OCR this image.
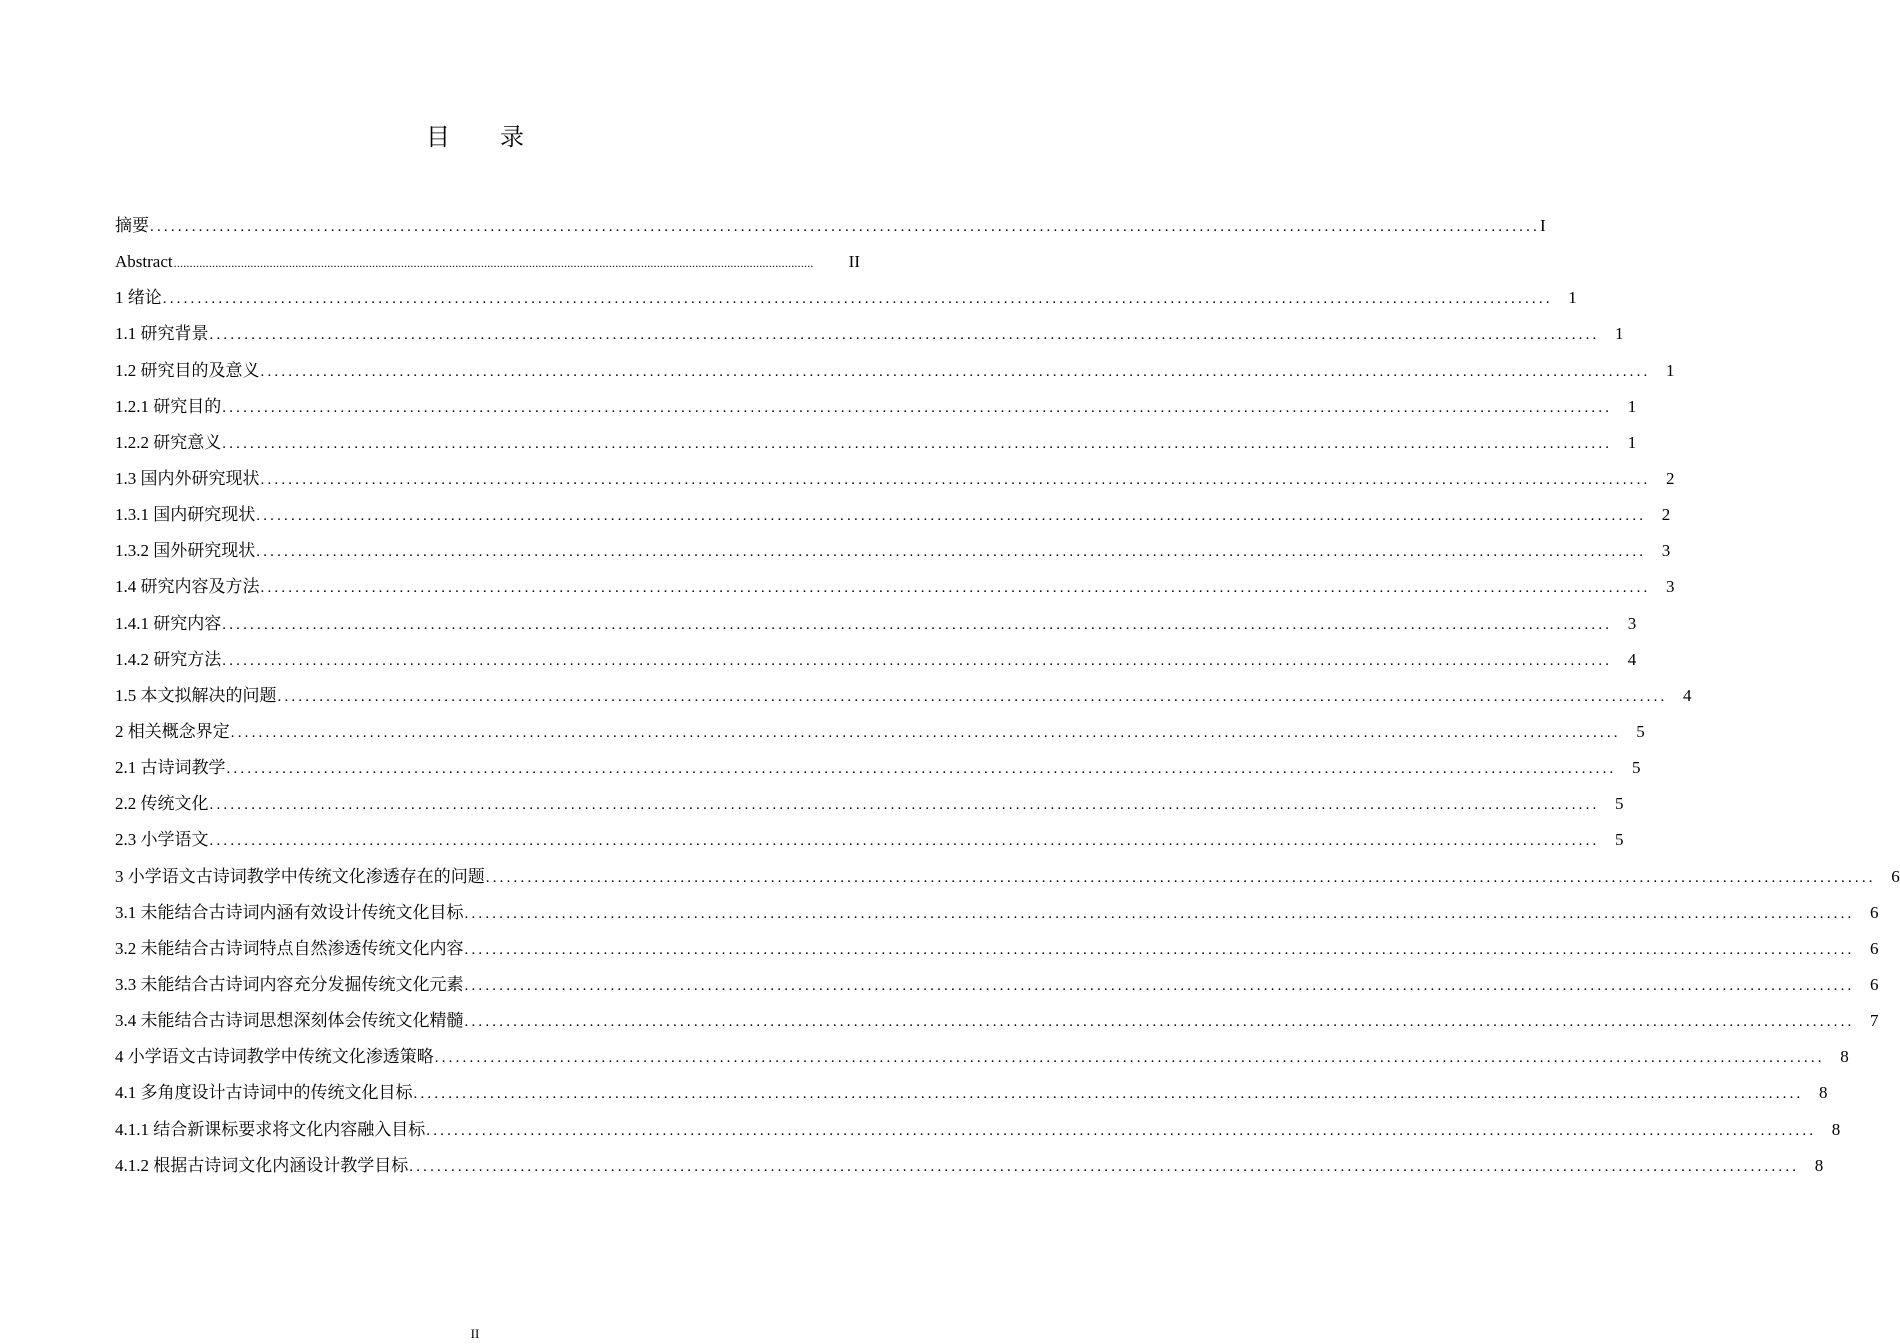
目 录
摘要 ........................................................................................................................................................................................................ I
Abstract ........................................................................................................................................................................................................	II
1 绪论 ........................................................................................................................................................................................................ 1
1.1 研究背景 ........................................................................................................................................................................................................ 1
1.2 研究目的及意义 ........................................................................................................................................................................................................ 1
1.2.1 研究目的 ........................................................................................................................................................................................................ 1
1.2.2 研究意义 ........................................................................................................................................................................................................ 1
1.3 国内外研究现状 ........................................................................................................................................................................................................ 2
1.3.1 国内研究现状 ........................................................................................................................................................................................................ 2
1.3.2 国外研究现状 ........................................................................................................................................................................................................ 3
1.4 研究内容及方法 ........................................................................................................................................................................................................ 3
1.4.1 研究内容 ........................................................................................................................................................................................................ 3
1.4.2 研究方法 ........................................................................................................................................................................................................ 4
1.5 本文拟解决的问题 ........................................................................................................................................................................................................ 4
2 相关概念界定 ........................................................................................................................................................................................................ 5
2.1 古诗词教学 ........................................................................................................................................................................................................ 5
2.2 传统文化 ........................................................................................................................................................................................................ 5
2.3 小学语文 ........................................................................................................................................................................................................ 5
3 小学语文古诗词教学中传统文化渗透存在的问题 ........................................................................................................................................................................................................ 6
3.1 未能结合古诗词内涵有效设计传统文化目标 ........................................................................................................................................................................................................ 6
3.2 未能结合古诗词特点自然渗透传统文化内容 ........................................................................................................................................................................................................ 6
3.3 未能结合古诗词内容充分发掘传统文化元素 ........................................................................................................................................................................................................ 6
3.4 未能结合古诗词思想深刻体会传统文化精髓 ........................................................................................................................................................................................................ 7
4 小学语文古诗词教学中传统文化渗透策略 ........................................................................................................................................................................................................ 8
4.1 多角度设计古诗词中的传统文化目标 ........................................................................................................................................................................................................ 8
4.1.1 结合新课标要求将文化内容融入目标 ........................................................................................................................................................................................................ 8
4.1.2 根据古诗词文化内涵设计教学目标 ........................................................................................................................................................................................................ 8
II
